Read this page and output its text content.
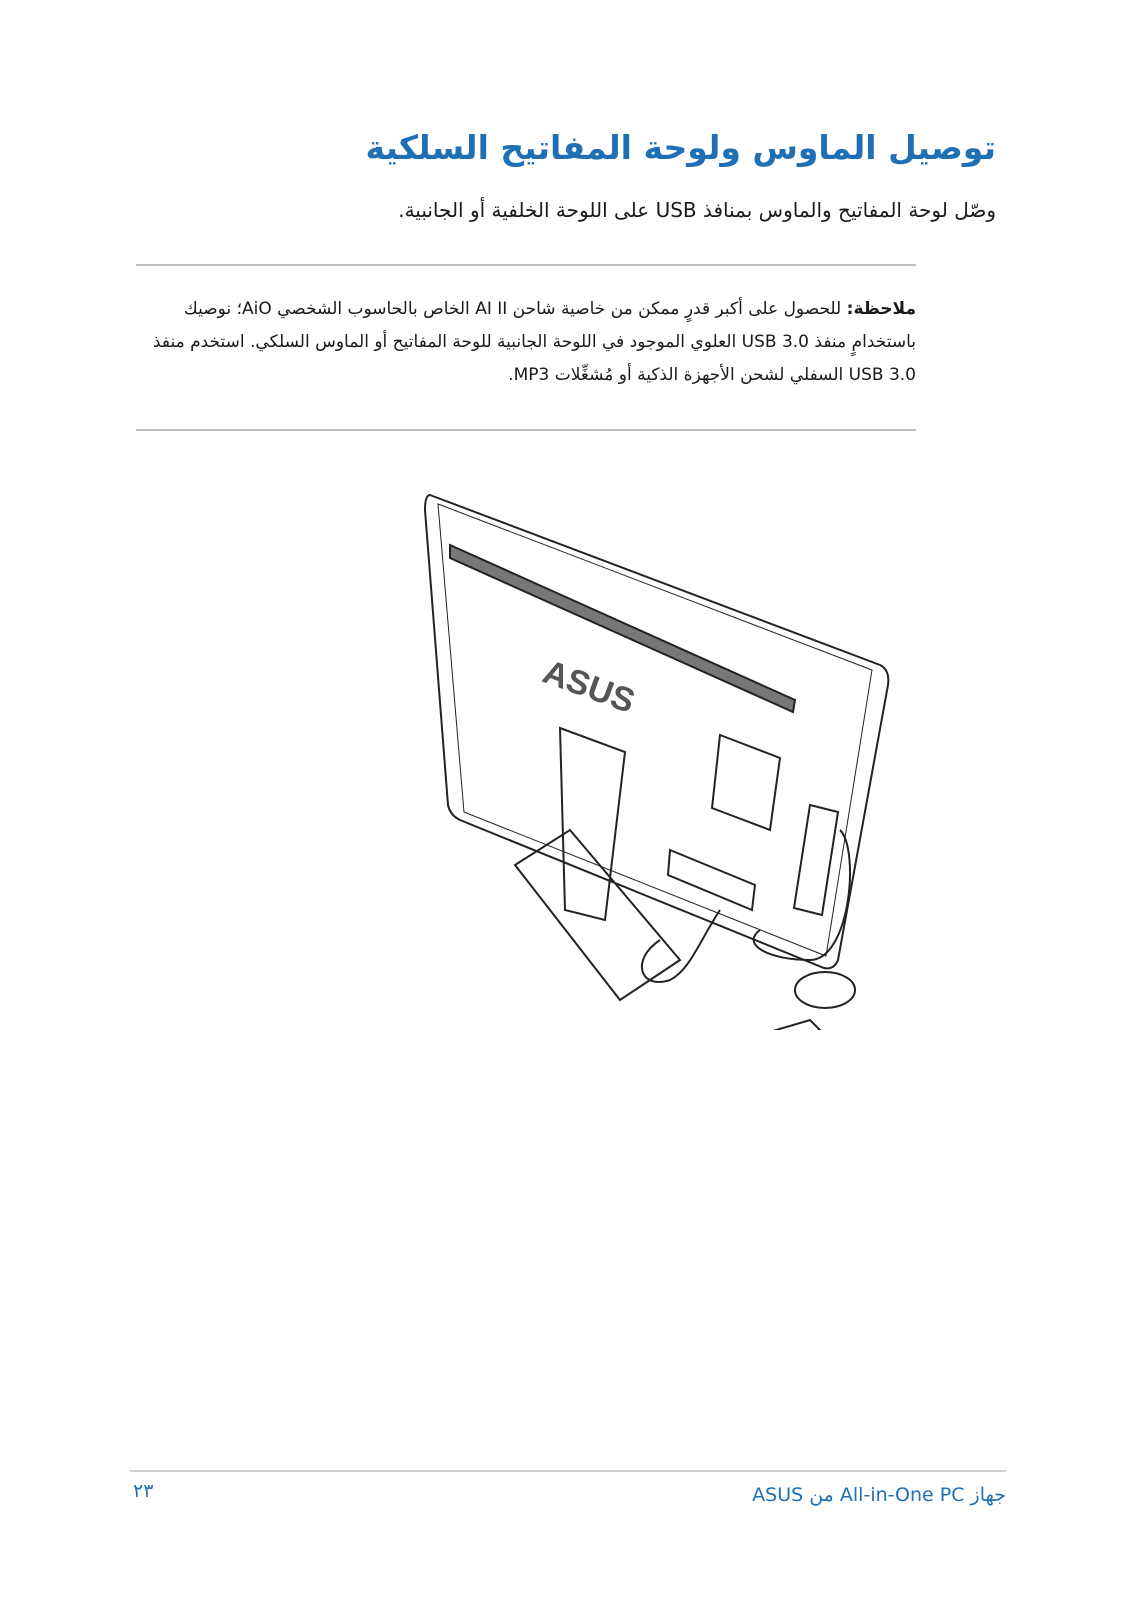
توصيل الماوس ولوحة المفاتيح السلكية

وصّل لوحة المفاتيح والماوس بمنافذ USB على اللوحة الخلفية أو الجانبية.

ملاحظة: للحصول على أكبر قدرٍ ممكن من خاصية شاحن AI II الخاص بالحاسوب الشخصي AiO؛ نوصيك باستخدامٍ منفذ USB 3.0 العلوي الموجود في اللوحة الجانبية للوحة المفاتيح أو الماوس السلكي. استخدم منفذ USB 3.0 السفلي لشحن الأجهزة الذكية أو مُشغِّلات MP3.

ASUS

جهاز All-in-One PC من ASUS

٢٣
